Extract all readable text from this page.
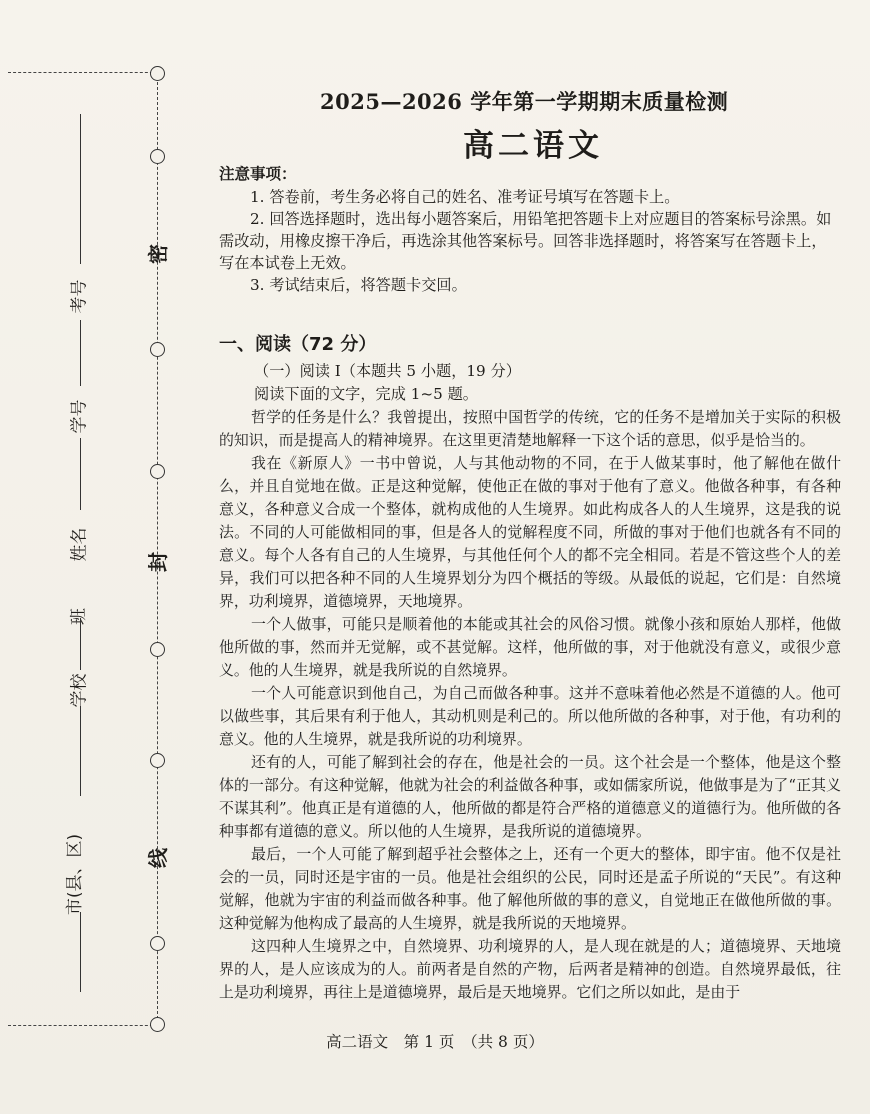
密
封
线
考号
学号
姓名
班
学校
市(县、区)
2025—2026 学年第一学期期末质量检测
高二语文
注意事项：

1. 答卷前，考生务必将自己的姓名、准考证号填写在答题卡上。

2. 回答选择题时，选出每小题答案后，用铅笔把答题卡上对应题目的答案标号涂黑。如需改动，用橡皮擦干净后，再选涂其他答案标号。回答非选择题时，将答案写在答题卡上，写在本试卷上无效。

3. 考试结束后，将答题卡交回。

一、阅读（72 分）
（一）阅读 I（本题共 5 小题，19 分）
阅读下面的文字，完成 1~5 题。

哲学的任务是什么？我曾提出，按照中国哲学的传统，它的任务不是增加关于实际的积极的知识，而是提高人的精神境界。在这里更清楚地解释一下这个话的意思，似乎是恰当的。

我在《新原人》一书中曾说，人与其他动物的不同，在于人做某事时，他了解他在做什么，并且自觉地在做。正是这种觉解，使他正在做的事对于他有了意义。他做各种事，有各种意义，各种意义合成一个整体，就构成他的人生境界。如此构成各人的人生境界，这是我的说法。不同的人可能做相同的事，但是各人的觉解程度不同，所做的事对于他们也就各有不同的意义。每个人各有自己的人生境界，与其他任何个人的都不完全相同。若是不管这些个人的差异，我们可以把各种不同的人生境界划分为四个概括的等级。从最低的说起，它们是：自然境界，功利境界，道德境界，天地境界。

一个人做事，可能只是顺着他的本能或其社会的风俗习惯。就像小孩和原始人那样，他做他所做的事，然而并无觉解，或不甚觉解。这样，他所做的事，对于他就没有意义，或很少意义。他的人生境界，就是我所说的自然境界。

一个人可能意识到他自己，为自己而做各种事。这并不意味着他必然是不道德的人。他可以做些事，其后果有利于他人，其动机则是利己的。所以他所做的各种事，对于他，有功利的意义。他的人生境界，就是我所说的功利境界。

还有的人，可能了解到社会的存在，他是社会的一员。这个社会是一个整体，他是这个整体的一部分。有这种觉解，他就为社会的利益做各种事，或如儒家所说，他做事是为了“正其义不谋其利”。他真正是有道德的人，他所做的都是符合严格的道德意义的道德行为。他所做的各种事都有道德的意义。所以他的人生境界，是我所说的道德境界。

最后，一个人可能了解到超乎社会整体之上，还有一个更大的整体，即宇宙。他不仅是社会的一员，同时还是宇宙的一员。他是社会组织的公民，同时还是孟子所说的“天民”。有这种觉解，他就为宇宙的利益而做各种事。他了解他所做的事的意义，自觉地正在做他所做的事。这种觉解为他构成了最高的人生境界，就是我所说的天地境界。

这四种人生境界之中，自然境界、功利境界的人，是人现在就是的人；道德境界、天地境界的人，是人应该成为的人。前两者是自然的产物，后两者是精神的创造。自然境界最低，往上是功利境界，再往上是道德境界，最后是天地境界。它们之所以如此，是由于

高二语文　第 1 页　（共 8 页）
